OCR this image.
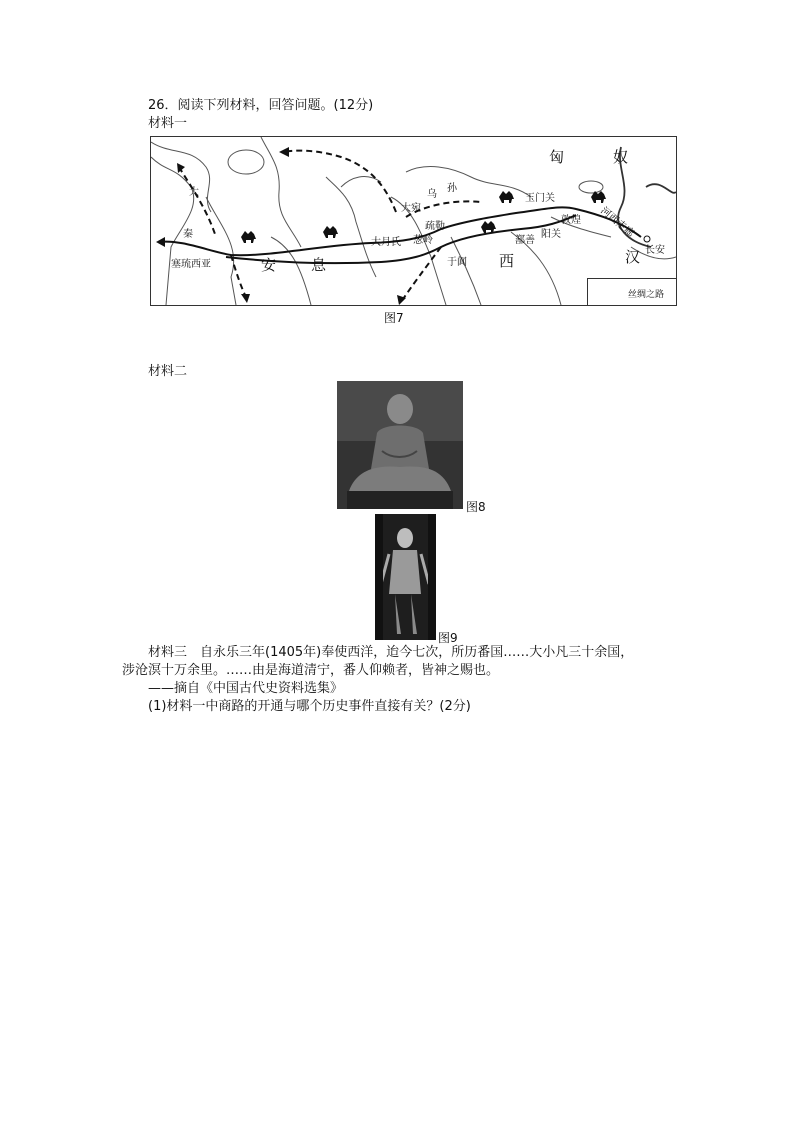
26．阅读下列材料，回答问题。(12分)
材料一
匈	奴
大
秦
塞琉西亚	安 息
乌
孙
大宛
疏勒
葱岭
大月氏
于阗 西
玉门关
敦煌 河西走廊
阳关
鄯善
汉 长安
丝绸之路
图7
材料二
图8
图9
材料三　自永乐三年(1405年)奉使西洋，迨今七次，所历番国……大小凡三十余国，
涉沧溟十万余里。……由是海道清宁，番人仰赖者，皆神之赐也。
——摘自《中国古代史资料选集》
(1)材料一中商路的开通与哪个历史事件直接有关？(2分)
